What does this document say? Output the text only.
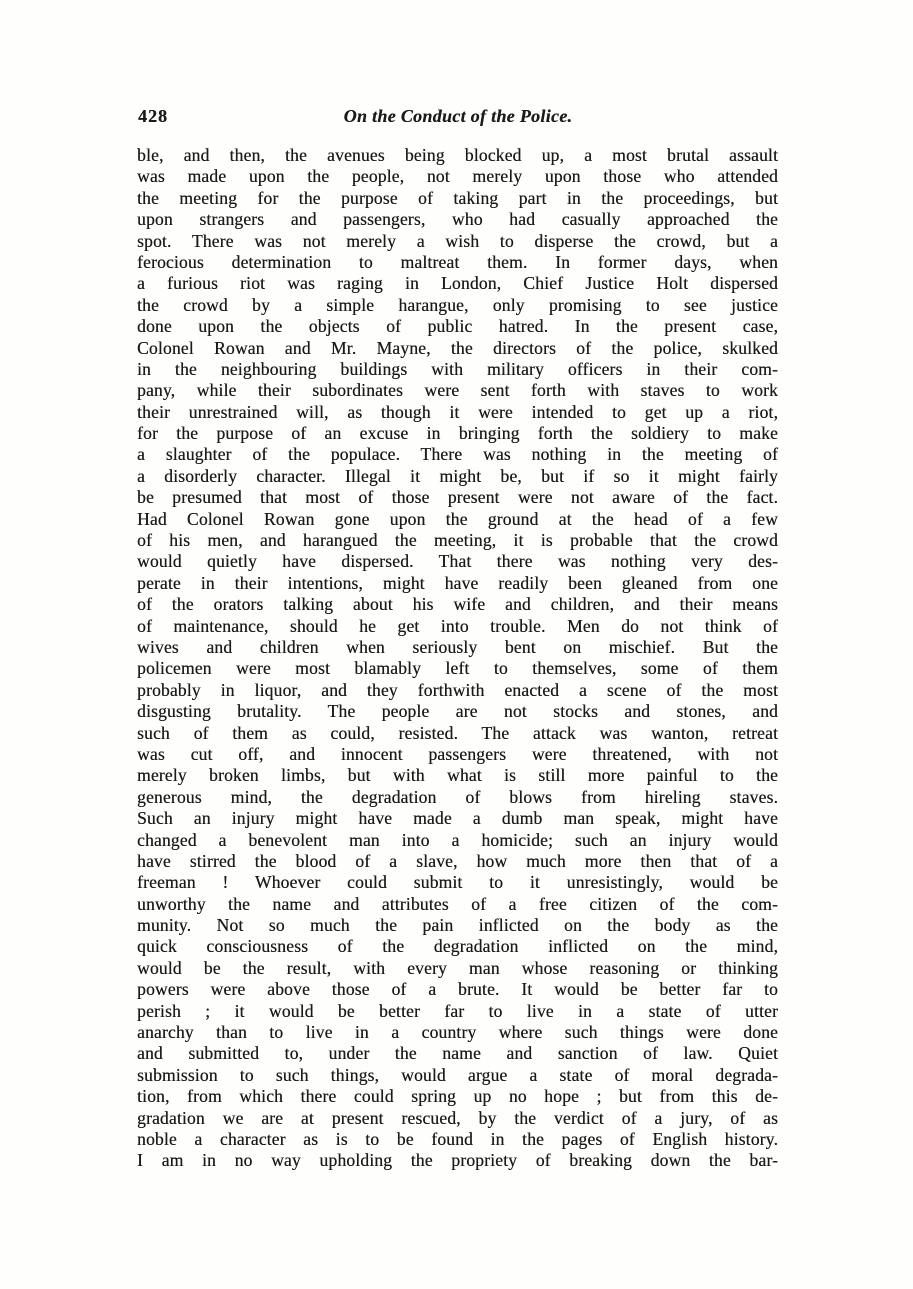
428	On the Conduct of the Police.
ble, and then, the avenues being blocked up, a most brutal assault
was made upon the people, not merely upon those who attended
the meeting for the purpose of taking part in the proceedings, but
upon strangers and passengers, who had casually approached the
spot. There was not merely a wish to disperse the crowd, but a
ferocious determination to maltreat them. In former days, when
a furious riot was raging in London, Chief Justice Holt dispersed
the crowd by a simple harangue, only promising to see justice
done upon the objects of public hatred. In the present case,
Colonel Rowan and Mr. Mayne, the directors of the police, skulked
in the neighbouring buildings with military officers in their com-
pany, while their subordinates were sent forth with staves to work
their unrestrained will, as though it were intended to get up a riot,
for the purpose of an excuse in bringing forth the soldiery to make
a slaughter of the populace. There was nothing in the meeting of
a disorderly character. Illegal it might be, but if so it might fairly
be presumed that most of those present were not aware of the fact.
Had Colonel Rowan gone upon the ground at the head of a few
of his men, and harangued the meeting, it is probable that the crowd
would quietly have dispersed. That there was nothing very des-
perate in their intentions, might have readily been gleaned from one
of the orators talking about his wife and children, and their means
of maintenance, should he get into trouble. Men do not think of
wives and children when seriously bent on mischief. But the
policemen were most blamably left to themselves, some of them
probably in liquor, and they forthwith enacted a scene of the most
disgusting brutality. The people are not stocks and stones, and
such of them as could, resisted. The attack was wanton, retreat
was cut off, and innocent passengers were threatened, with not
merely broken limbs, but with what is still more painful to the
generous mind, the degradation of blows from hireling staves.
Such an injury might have made a dumb man speak, might have
changed a benevolent man into a homicide; such an injury would
have stirred the blood of a slave, how much more then that of a
freeman ! Whoever could submit to it unresistingly, would be
unworthy the name and attributes of a free citizen of the com-
munity. Not so much the pain inflicted on the body as the
quick consciousness of the degradation inflicted on the mind,
would be the result, with every man whose reasoning or thinking
powers were above those of a brute. It would be better far to
perish ; it would be better far to live in a state of utter
anarchy than to live in a country where such things were done
and submitted to, under the name and sanction of law. Quiet
submission to such things, would argue a state of moral degrada-
tion, from which there could spring up no hope ; but from this de-
gradation we are at present rescued, by the verdict of a jury, of as
noble a character as is to be found in the pages of English history.
I am in no way upholding the propriety of breaking down the bar-
